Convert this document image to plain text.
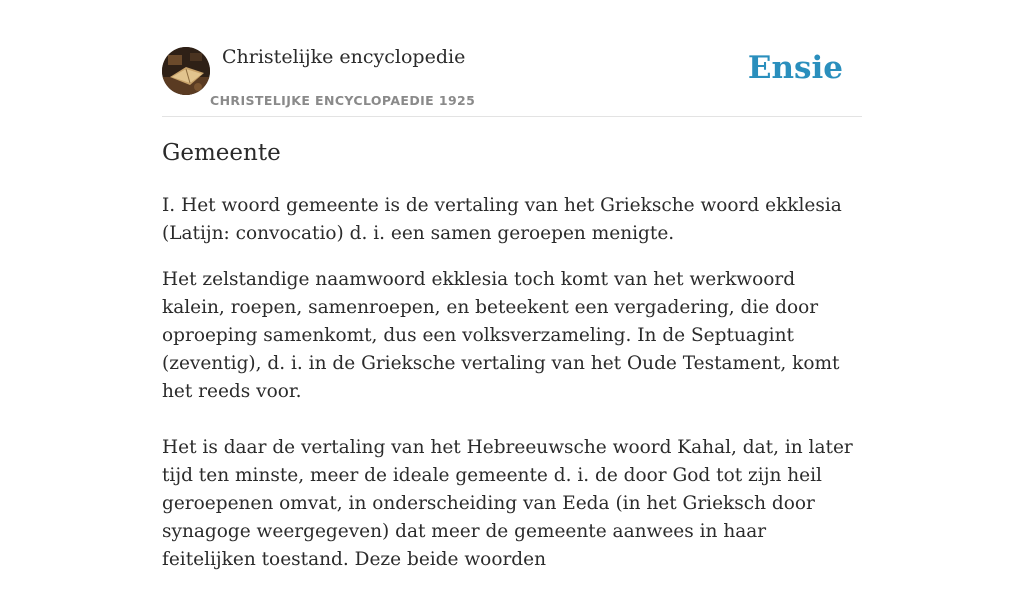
Christelijke encyclopedie
CHRISTELIJKE ENCYCLOPAEDIE 1925
Ensie
Gemeente

I. Het woord gemeente is de vertaling van het Grieksche woord ekklesia (Latijn: convocatio) d. i. een samen geroepen menigte.

Het zelstandige naamwoord ekklesia toch komt van het werkwoord kalein, roepen, samenroepen, en beteekent een vergadering, die door oproeping samenkomt, dus een volksverzameling. In de Septuagint (zeventig), d. i. in de Grieksche vertaling van het Oude Testament, komt het reeds voor.

Het is daar de vertaling van het Hebreeuwsche woord Kahal, dat, in later tijd ten minste, meer de ideale gemeente d. i. de door God tot zijn heil geroepenen omvat, in onderscheiding van Eeda (in het Grieksch door synagoge weergegeven) dat meer de gemeente aanwees in haar feitelijken toestand. Deze beide woorden
